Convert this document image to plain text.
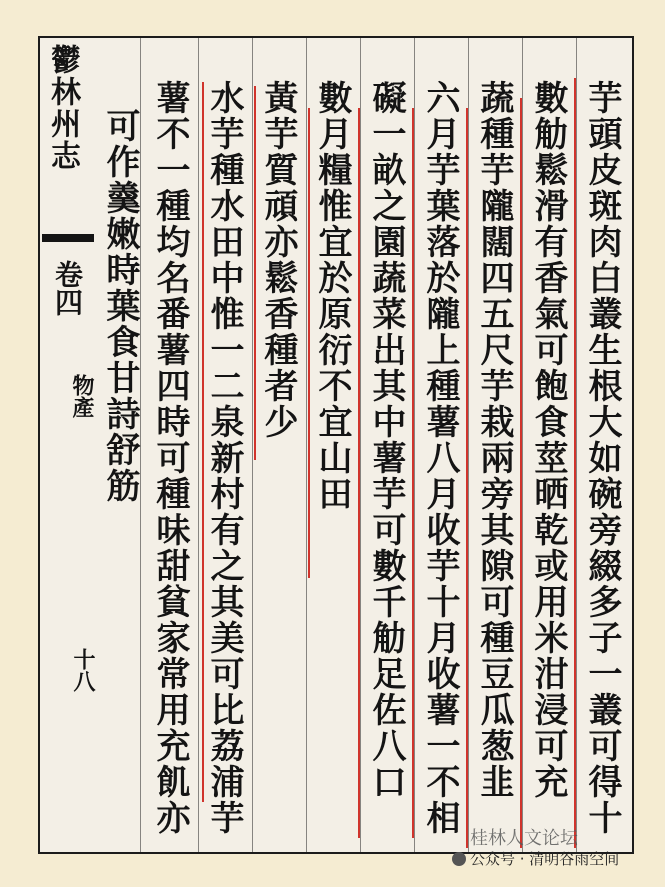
鬱林州志
卷四
物產
十八	芋頭皮斑肉白叢生根大如碗旁綴多子一叢可得十
數觔鬆滑有香氣可飽食莖晒乾或用米泔浸可充
蔬種芋隴闊四五尺芋栽兩旁其隙可種豆瓜葱韭
六月芋葉落於隴上種薯八月收芋十月收薯一不相
礙一畝之園蔬菜出其中薯芋可數千觔足佐八口
數月糧惟宜於原衍不宜山田
黃芋質頑亦鬆香種者少
水芋種水田中惟一二泉新村有之其美可比荔浦芋
薯不一種均名番薯四時可種味甜貧家常用充飢亦
可作羹嫩時葉食甘詩舒筋
桂林人文论坛
公众号 · 清明谷雨空间
